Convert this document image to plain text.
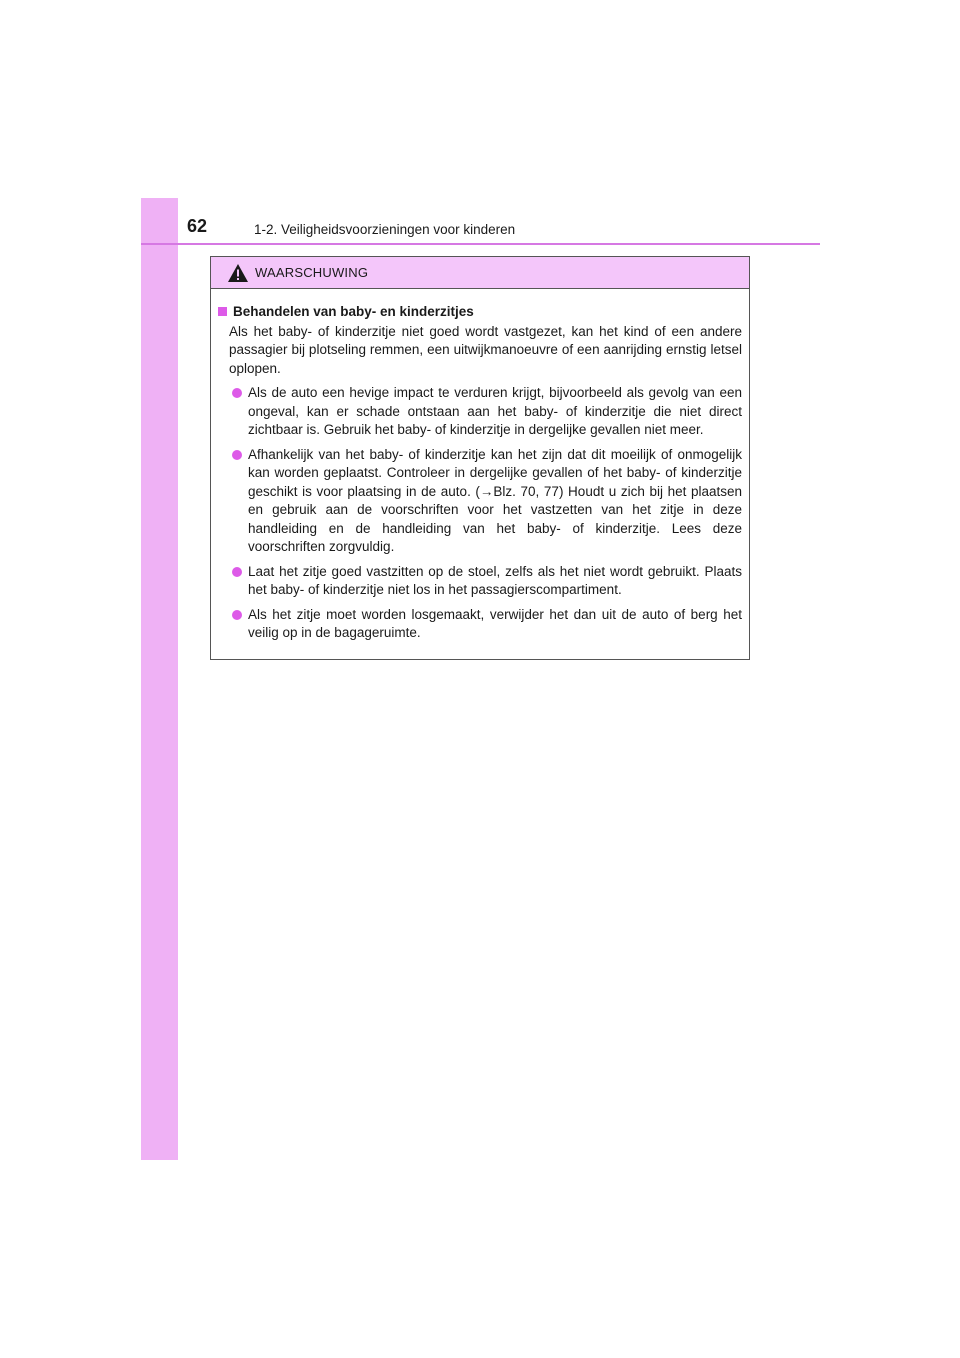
62	1-2. Veiligheidsvoorzieningen voor kinderen
WAARSCHUWING
Behandelen van baby- en kinderzitjes

Als het baby- of kinderzitje niet goed wordt vastgezet, kan het kind of een andere passagier bij plotseling remmen, een uitwijkmanoeuvre of een aanrijding ernstig letsel oplopen.

Als de auto een hevige impact te verduren krijgt, bijvoorbeeld als gevolg van een ongeval, kan er schade ontstaan aan het baby- of kinderzitje die niet direct zichtbaar is. Gebruik het baby- of kinderzitje in dergelijke gevallen niet meer.
Afhankelijk van het baby- of kinderzitje kan het zijn dat dit moeilijk of onmogelijk kan worden geplaatst. Controleer in dergelijke gevallen of het baby- of kinderzitje geschikt is voor plaatsing in de auto. (→Blz. 70, 77) Houdt u zich bij het plaatsen en gebruik aan de voorschriften voor het vastzetten van het zitje in deze handleiding en de handleiding van het baby- of kinderzitje. Lees deze voorschriften zorgvuldig.
Laat het zitje goed vastzitten op de stoel, zelfs als het niet wordt gebruikt. Plaats het baby- of kinderzitje niet los in het passagierscompartiment.
Als het zitje moet worden losgemaakt, verwijder het dan uit de auto of berg het veilig op in de bagageruimte.
